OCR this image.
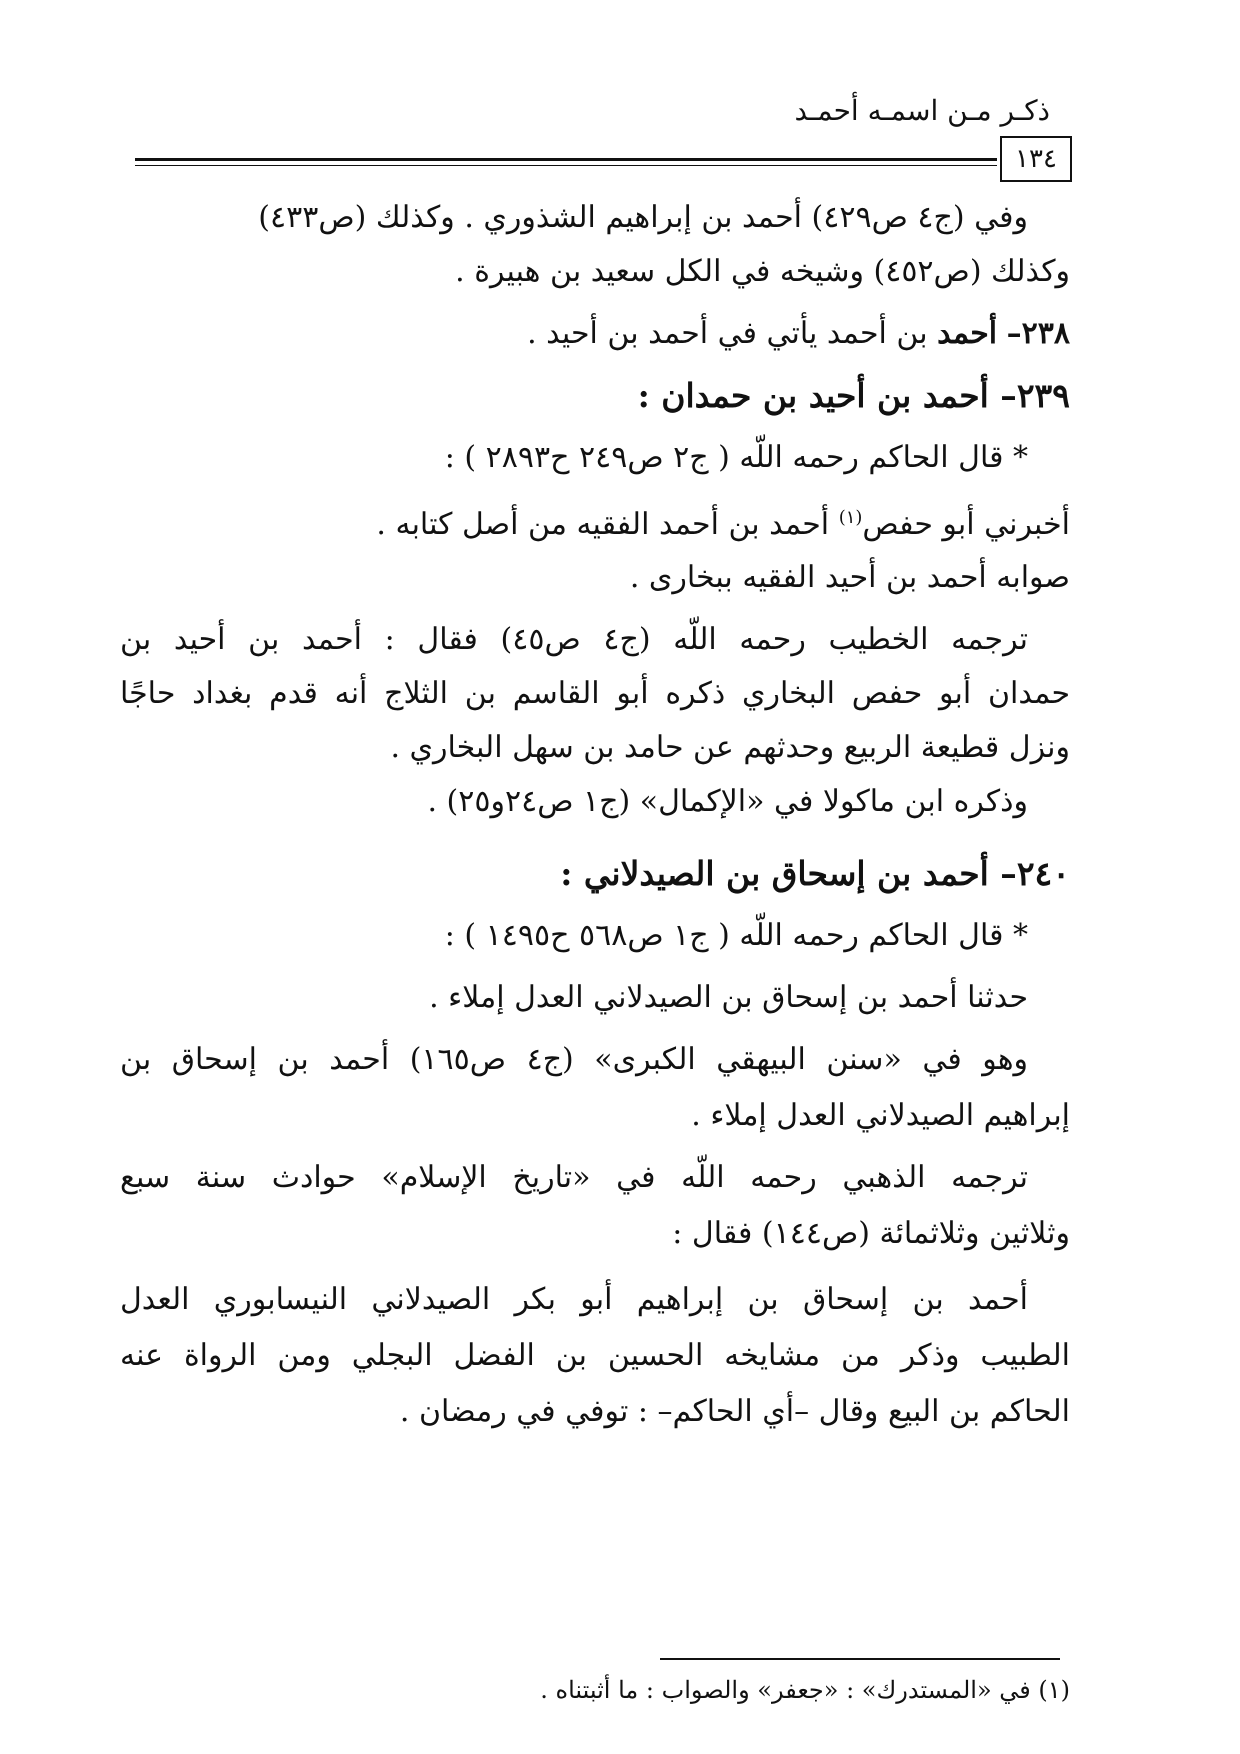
ذكـر مـن اسمـه أحمـد
١٣٤
وفي (ج٤ ص٤٢٩) أحمد بن إبراهيم الشذوري . وكذلك (ص٤٣٣)
وكذلك (ص٤٥٢) وشيخه في الكل سعيد بن هبيرة .
٢٣٨– أحمد بن أحمد يأتي في أحمد بن أحيد .
٢٣٩– أحمد بن أحيد بن حمدان :
* قال الحاكم رحمه اللّه ( ج٢ ص٢٤٩ ح٢٨٩٣ ) :
أخبرني أبو حفص$^{(١)}$ أحمد بن أحمد الفقيه من أصل كتابه .
صوابه أحمد بن أحيد الفقيه ببخارى .
ترجمه الخطيب رحمه اللّه (ج٤ ص٤٥) فقال : أحمد بن أحيد بن
حمدان أبو حفص البخاري ذكره أبو القاسم بن الثلاج أنه قدم بغداد حاجًا
ونزل قطيعة الربيع وحدثهم عن حامد بن سهل البخاري .
وذكره ابن ماكولا في «الإكمال» (ج١ ص٢٤و٢٥) .
٢٤٠– أحمد بن إسحاق بن الصيدلاني :
* قال الحاكم رحمه اللّه ( ج١ ص٥٦٨ ح١٤٩٥ ) :
حدثنا أحمد بن إسحاق بن الصيدلاني العدل إملاء .
وهو في «سنن البيهقي الكبرى» (ج٤ ص١٦٥) أحمد بن إسحاق بن
إبراهيم الصيدلاني العدل إملاء .
ترجمه الذهبي رحمه اللّه في «تاريخ الإسلام» حوادث سنة سبع
وثلاثين وثلاثمائة (ص١٤٤) فقال :
أحمد بن إسحاق بن إبراهيم أبو بكر الصيدلاني النيسابوري العدل
الطبيب وذكر من مشايخه الحسين بن الفضل البجلي ومن الرواة عنه
الحاكم بن البيع وقال –أي الحاكم– : توفي في رمضان .
(١) في «المستدرك» : «جعفر» والصواب : ما أثبتناه .
